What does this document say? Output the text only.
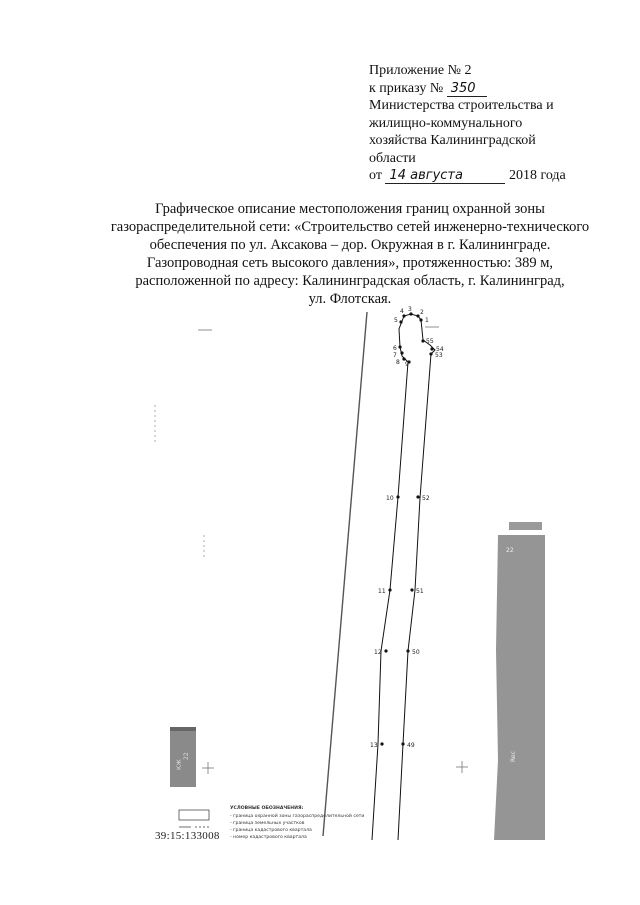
Приложение № 2
к приказу № 350
Министерства строительства и
жилищно-коммунального
хозяйства Калининградской
области
от 14 августа	2018 года
Графическое описание местоположения границ охранной зоны
газораспределительной сети: «Строительство сетей инженерно-технического
обеспечения по ул. Аксакова – дор. Окружная в г. Калининграде.
Газопроводная сеть высокого давления», протяженностью: 389 м,
расположенной по адресу: Калининградская область, г. Калининград,
ул. Флотская.
1
2
3
4
5
6
7
8 9
10
11
12
13	49
50
51
52
53
54
55
22
Rec
КЖ
22
УСЛОВНЫЕ ОБОЗНАЧЕНИЯ:
- граница охранной зоны газораспределительной сети
- граница земельных участков
- граница кадастрового квартала
- номер кадастрового квартала
39:15:133008
